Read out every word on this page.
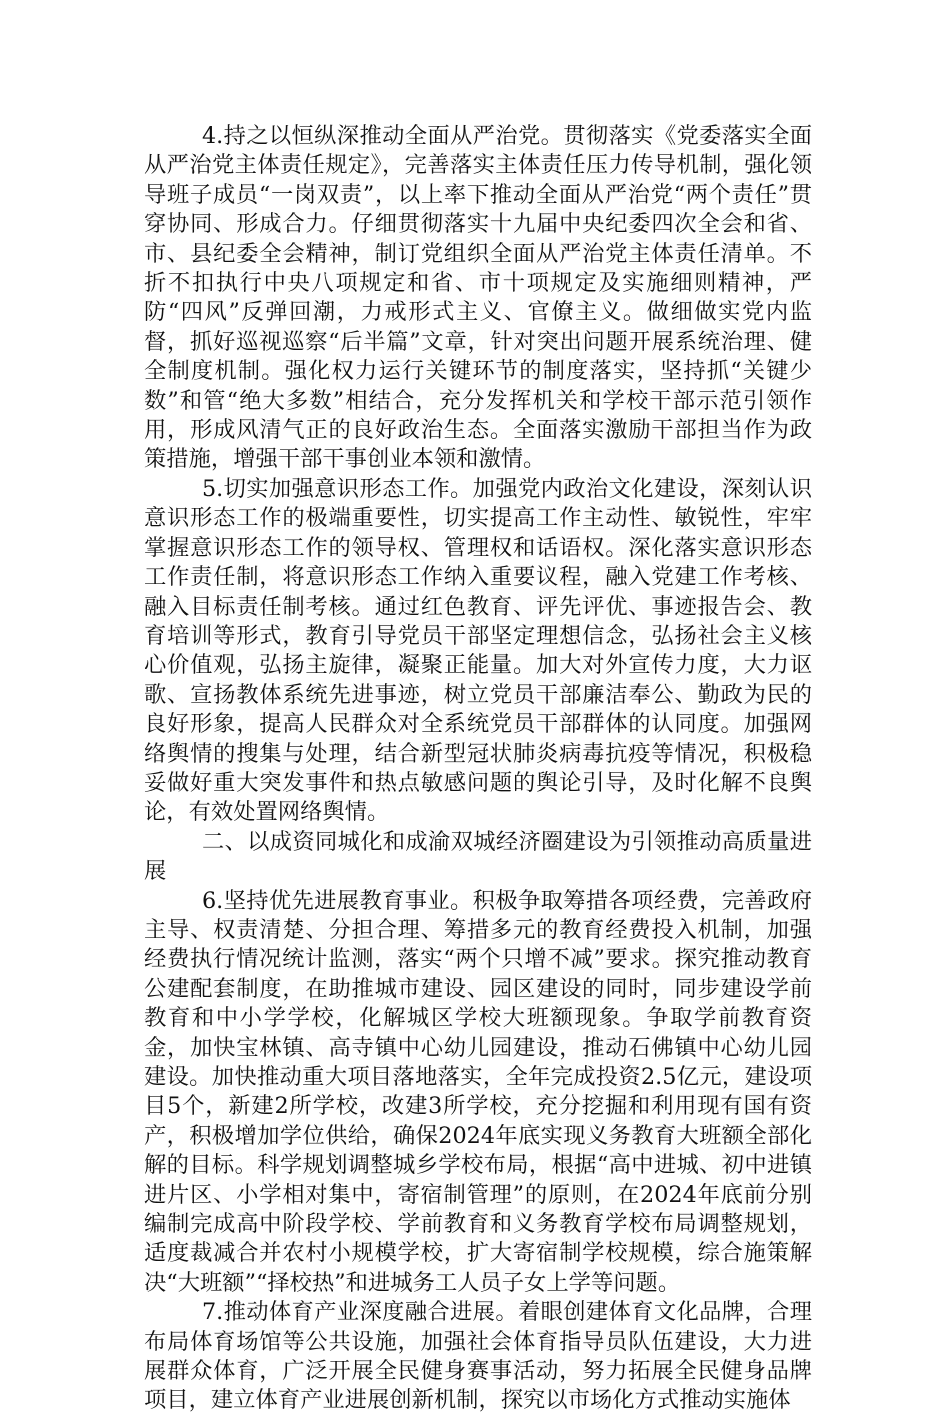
4.持之以恒纵深推动全面从严治党。贯彻落实《党委落实全面从严治党主体责任规定》，完善落实主体责任压力传导机制，强化领导班子成员“一岗双责”，以上率下推动全面从严治党“两个责任”贯穿协同、形成合力。仔细贯彻落实十九届中央纪委四次全会和省、市、县纪委全会精神，制订党组织全面从严治党主体责任清单。不折不扣执行中央八项规定和省、市十项规定及实施细则精神，严防“四风”反弹回潮，力戒形式主义、官僚主义。做细做实党内监督，抓好巡视巡察“后半篇”文章，针对突出问题开展系统治理、健全制度机制。强化权力运行关键环节的制度落实，坚持抓“关键少数”和管“绝大多数”相结合，充分发挥机关和学校干部示范引领作用，形成风清气正的良好政治生态。全面落实激励干部担当作为政策措施，增强干部干事创业本领和激情。

5.切实加强意识形态工作。加强党内政治文化建设，深刻认识意识形态工作的极端重要性，切实提高工作主动性、敏锐性，牢牢掌握意识形态工作的领导权、管理权和话语权。深化落实意识形态工作责任制，将意识形态工作纳入重要议程，融入党建工作考核、融入目标责任制考核。通过红色教育、评先评优、事迹报告会、教育培训等形式，教育引导党员干部坚定理想信念，弘扬社会主义核心价值观，弘扬主旋律，凝聚正能量。加大对外宣传力度，大力讴歌、宣扬教体系统先进事迹，树立党员干部廉洁奉公、勤政为民的良好形象，提高人民群众对全系统党员干部群体的认同度。加强网络舆情的搜集与处理，结合新型冠状肺炎病毒抗疫等情况，积极稳妥做好重大突发事件和热点敏感问题的舆论引导，及时化解不良舆论，有效处置网络舆情。

二、以成资同城化和成渝双城经济圈建设为引领推动高质量进展

6.坚持优先进展教育事业。积极争取筹措各项经费，完善政府主导、权责清楚、分担合理、筹措多元的教育经费投入机制，加强经费执行情况统计监测，落实“两个只增不减”要求。探究推动教育公建配套制度，在助推城市建设、园区建设的同时，同步建设学前教育和中小学学校，化解城区学校大班额现象。争取学前教育资金，加快宝林镇、高寺镇中心幼儿园建设，推动石佛镇中心幼儿园建设。加快推动重大项目落地落实，全年完成投资2.5亿元，建设项目5个，新建2所学校，改建3所学校，充分挖掘和利用现有国有资产，积极增加学位供给，确保2024年底实现义务教育大班额全部化解的目标。科学规划调整城乡学校布局，根据“高中进城、初中进镇进片区、小学相对集中，寄宿制管理”的原则，在2024年底前分别编制完成高中阶段学校、学前教育和义务教育学校布局调整规划，适度裁减合并农村小规模学校，扩大寄宿制学校规模，综合施策解决“大班额”“择校热”和进城务工人员子女上学等问题。

7.推动体育产业深度融合进展。着眼创建体育文化品牌，合理布局体育场馆等公共设施，加强社会体育指导员队伍建设，大力进展群众体育，广泛开展全民健身赛事活动，努力拓展全民健身品牌项目，建立体育产业进展创新机制，探究以市场化方式推动实施体
